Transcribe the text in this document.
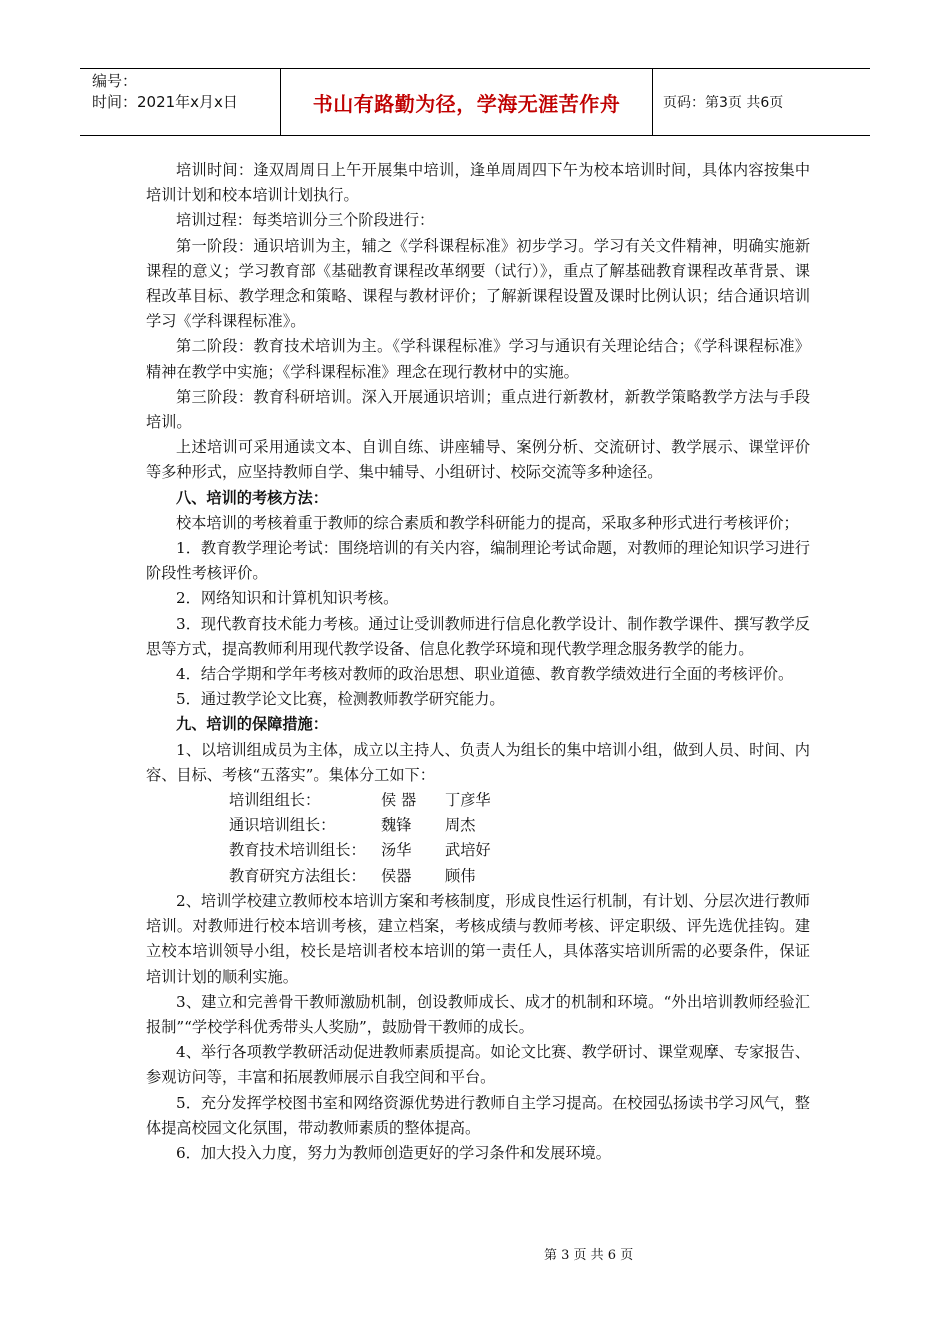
编号：
时间：2021年x月x日	书山有路勤为径，学海无涯苦作舟	页码：第3页 共6页

培训时间：逢双周周日上午开展集中培训，逢单周周四下午为校本培训时间，具体内容按集中培训计划和校本培训计划执行。

培训过程：每类培训分三个阶段进行：

第一阶段：通识培训为主，辅之《学科课程标准》初步学习。学习有关文件精神，明确实施新课程的意义；学习教育部《基础教育课程改革纲要（试行）》，重点了解基础教育课程改革背景、课程改革目标、教学理念和策略、课程与教材评价；了解新课程设置及课时比例认识；结合通识培训学习《学科课程标准》。

第二阶段：教育技术培训为主。《学科课程标准》学习与通识有关理论结合；《学科课程标准》精神在教学中实施；《学科课程标准》理念在现行教材中的实施。

第三阶段：教育科研培训。深入开展通识培训；重点进行新教材，新教学策略教学方法与手段培训。

上述培训可采用通读文本、自训自练、讲座辅导、案例分析、交流研讨、教学展示、课堂评价等多种形式，应坚持教师自学、集中辅导、小组研讨、校际交流等多种途径。

八、培训的考核方法：

校本培训的考核着重于教师的综合素质和教学科研能力的提高，采取多种形式进行考核评价；

1．教育教学理论考试：围绕培训的有关内容，编制理论考试命题，对教师的理论知识学习进行阶段性考核评价。

2．网络知识和计算机知识考核。

3．现代教育技术能力考核。通过让受训教师进行信息化教学设计、制作教学课件、撰写教学反思等方式，提高教师利用现代教学设备、信息化教学环境和现代教学理念服务教学的能力。

4．结合学期和学年考核对教师的政治思想、职业道德、教育教学绩效进行全面的考核评价。

5．通过教学论文比赛，检测教师教学研究能力。

九、培训的保障措施：

1、以培训组成员为主体，成立以主持人、负责人为组长的集中培训小组，做到人员、时间、内容、目标、考核“五落实”。集体分工如下：

培训组组长：	侯 器	丁彦华
通识培训组长：	魏锋	周杰
教育技术培训组长：	汤华	武培好
教育研究方法组长：	侯器	顾伟

2、培训学校建立教师校本培训方案和考核制度，形成良性运行机制，有计划、分层次进行教师培训。对教师进行校本培训考核，建立档案，考核成绩与教师考核、评定职级、评先选优挂钩。建立校本培训领导小组，校长是培训者校本培训的第一责任人，具体落实培训所需的必要条件，保证培训计划的顺利实施。

3、建立和完善骨干教师激励机制，创设教师成长、成才的机制和环境。“外出培训教师经验汇报制”“学校学科优秀带头人奖励”，鼓励骨干教师的成长。

4、举行各项教学教研活动促进教师素质提高。如论文比赛、教学研讨、课堂观摩、专家报告、参观访问等，丰富和拓展教师展示自我空间和平台。

5．充分发挥学校图书室和网络资源优势进行教师自主学习提高。在校园弘扬读书学习风气，整体提高校园文化氛围，带动教师素质的整体提高。

6．加大投入力度，努力为教师创造更好的学习条件和发展环境。

第 3 页 共 6 页
